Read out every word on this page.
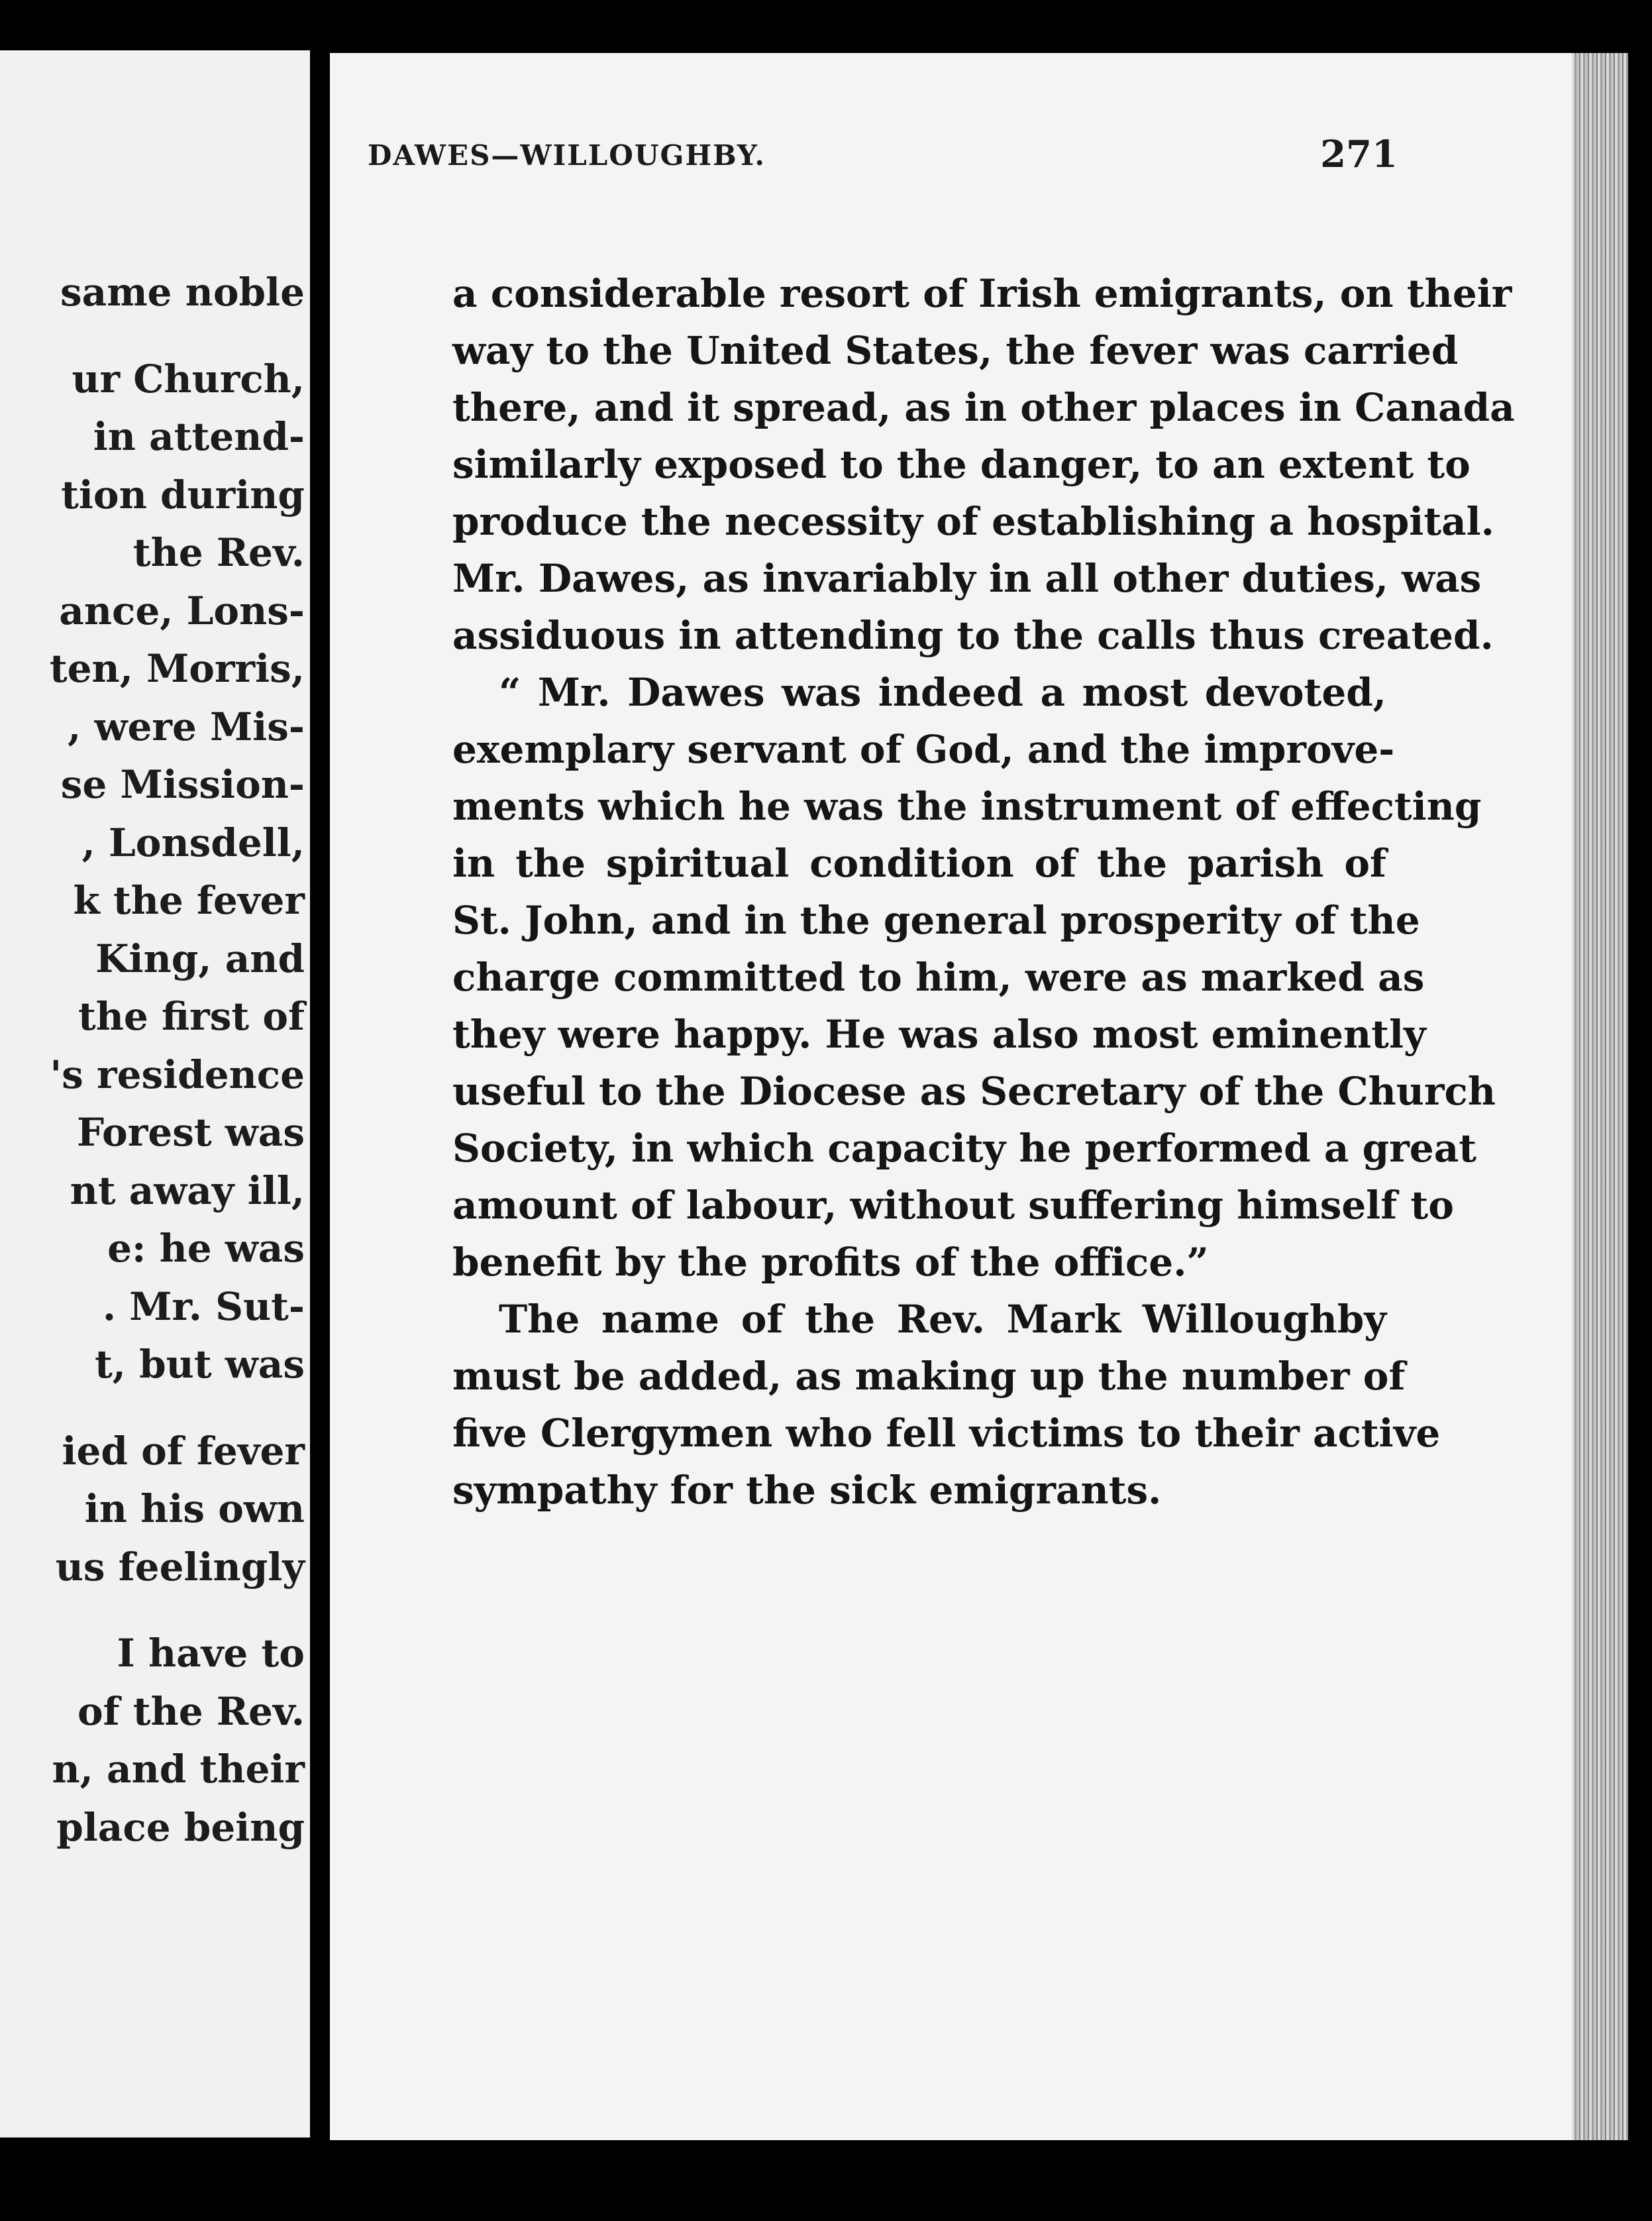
same noble
ur Church,
in attend-
tion during
the Rev.
ance, Lons-
ten, Morris,
, were Mis-
se Mission-
, Lonsdell,
k the fever
King, and
the first of
's residence
Forest was
nt away ill,
e: he was
. Mr. Sut-
t, but was
ied of fever
in his own
us feelingly
I have to
of the Rev.
n, and their
place being
DAWES—WILLOUGHBY.	271
a considerable resort of Irish emigrants, on their
way to the United States, the fever was carried
there, and it spread, as in other places in Canada
similarly exposed to the danger, to an extent to
produce the necessity of establishing a hospital.
Mr. Dawes, as invariably in all other duties, was
assiduous in attending to the calls thus created.
“ Mr. Dawes was indeed a most devoted,
exemplary servant of God, and the improve-
ments which he was the instrument of effecting
in the spiritual condition of the parish of
St. John, and in the general prosperity of the
charge committed to him, were as marked as
they were happy. He was also most eminently
useful to the Diocese as Secretary of the Church
Society, in which capacity he performed a great
amount of labour, without suffering himself to
benefit by the profits of the office.”
The name of the Rev. Mark Willoughby
must be added, as making up the number of
five Clergymen who fell victims to their active
sympathy for the sick emigrants.
